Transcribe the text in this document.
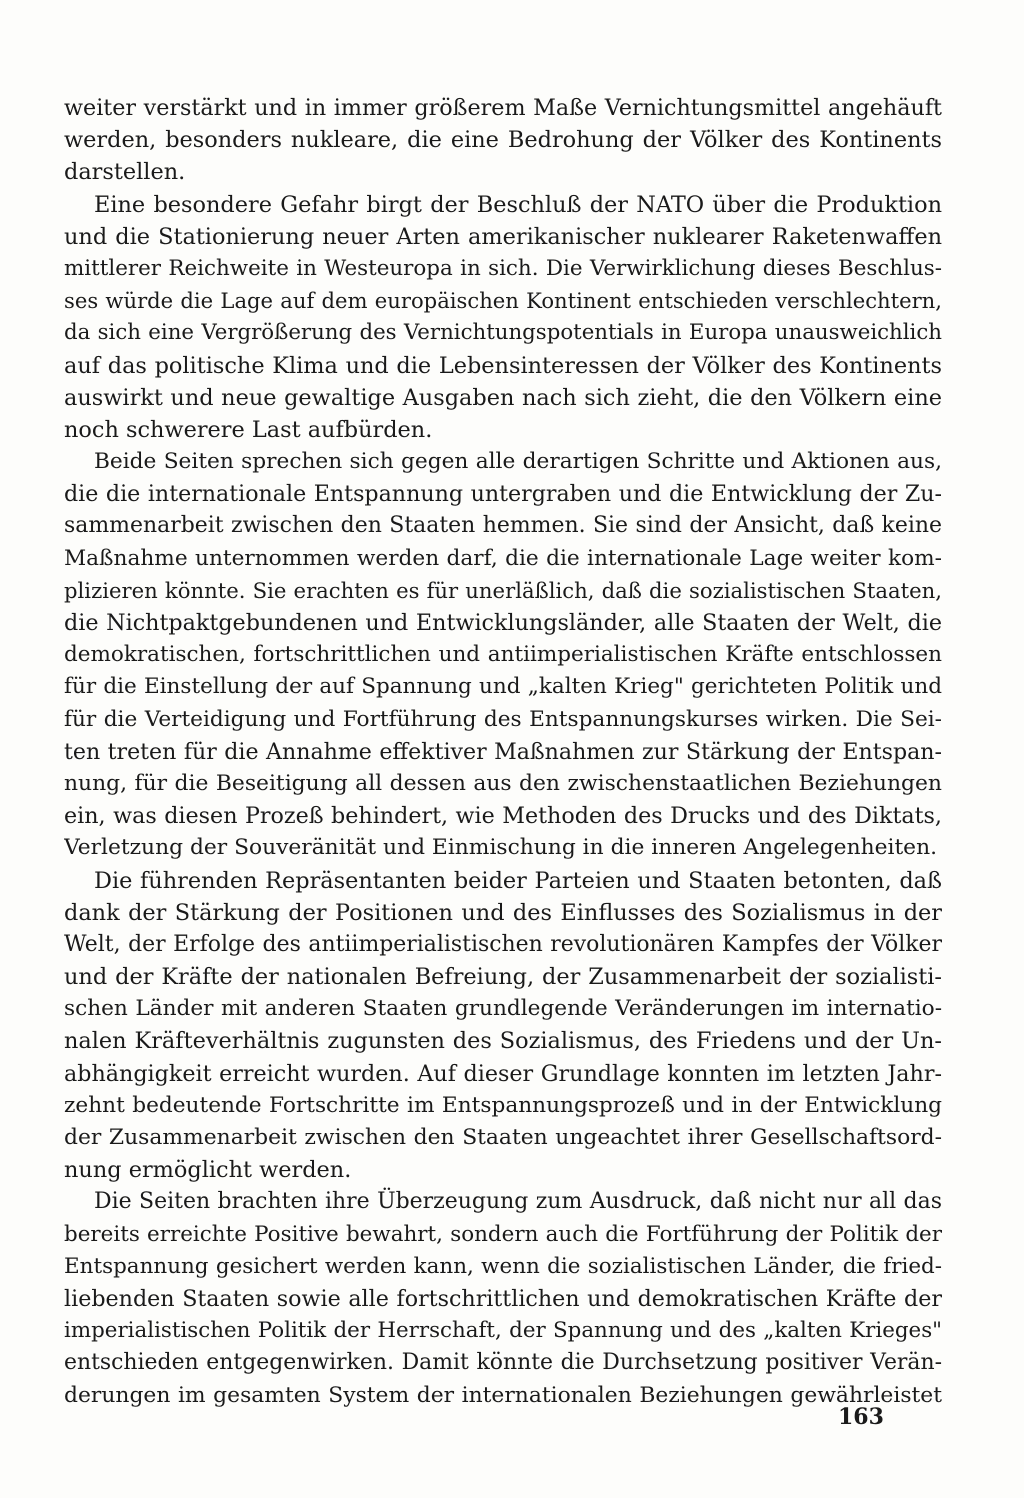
weiter verstärkt und in immer größerem Maße Vernichtungsmittel angehäuft
werden, besonders nukleare, die eine Bedrohung der Völker des Kontinents
darstellen.
Eine besondere Gefahr birgt der Beschluß der NATO über die Produktion
und die Stationierung neuer Arten amerikanischer nuklearer Raketenwaffen
mittlerer Reichweite in Westeuropa in sich. Die Verwirklichung dieses Beschlus-
ses würde die Lage auf dem europäischen Kontinent entschieden verschlechtern,
da sich eine Vergrößerung des Vernichtungspotentials in Europa unausweichlich
auf das politische Klima und die Lebensinteressen der Völker des Kontinents
auswirkt und neue gewaltige Ausgaben nach sich zieht, die den Völkern eine
noch schwerere Last aufbürden.
Beide Seiten sprechen sich gegen alle derartigen Schritte und Aktionen aus,
die die internationale Entspannung untergraben und die Entwicklung der Zu-
sammenarbeit zwischen den Staaten hemmen. Sie sind der Ansicht, daß keine
Maßnahme unternommen werden darf, die die internationale Lage weiter kom-
plizieren könnte. Sie erachten es für unerläßlich, daß die sozialistischen Staaten,
die Nichtpaktgebundenen und Entwicklungsländer, alle Staaten der Welt, die
demokratischen, fortschrittlichen und antiimperialistischen Kräfte entschlossen
für die Einstellung der auf Spannung und „kalten Krieg" gerichteten Politik und
für die Verteidigung und Fortführung des Entspannungskurses wirken. Die Sei-
ten treten für die Annahme effektiver Maßnahmen zur Stärkung der Entspan-
nung, für die Beseitigung all dessen aus den zwischenstaatlichen Beziehungen
ein, was diesen Prozeß behindert, wie Methoden des Drucks und des Diktats,
Verletzung der Souveränität und Einmischung in die inneren Angelegenheiten.
Die führenden Repräsentanten beider Parteien und Staaten betonten, daß
dank der Stärkung der Positionen und des Einflusses des Sozialismus in der
Welt, der Erfolge des antiimperialistischen revolutionären Kampfes der Völker
und der Kräfte der nationalen Befreiung, der Zusammenarbeit der sozialisti-
schen Länder mit anderen Staaten grundlegende Veränderungen im internatio-
nalen Kräfteverhältnis zugunsten des Sozialismus, des Friedens und der Un-
abhängigkeit erreicht wurden. Auf dieser Grundlage konnten im letzten Jahr-
zehnt bedeutende Fortschritte im Entspannungsprozeß und in der Entwicklung
der Zusammenarbeit zwischen den Staaten ungeachtet ihrer Gesellschaftsord-
nung ermöglicht werden.
Die Seiten brachten ihre Überzeugung zum Ausdruck, daß nicht nur all das
bereits erreichte Positive bewahrt, sondern auch die Fortführung der Politik der
Entspannung gesichert werden kann, wenn die sozialistischen Länder, die fried-
liebenden Staaten sowie alle fortschrittlichen und demokratischen Kräfte der
imperialistischen Politik der Herrschaft, der Spannung und des „kalten Krieges"
entschieden entgegenwirken. Damit könnte die Durchsetzung positiver Verän-
derungen im gesamten System der internationalen Beziehungen gewährleistet
163
